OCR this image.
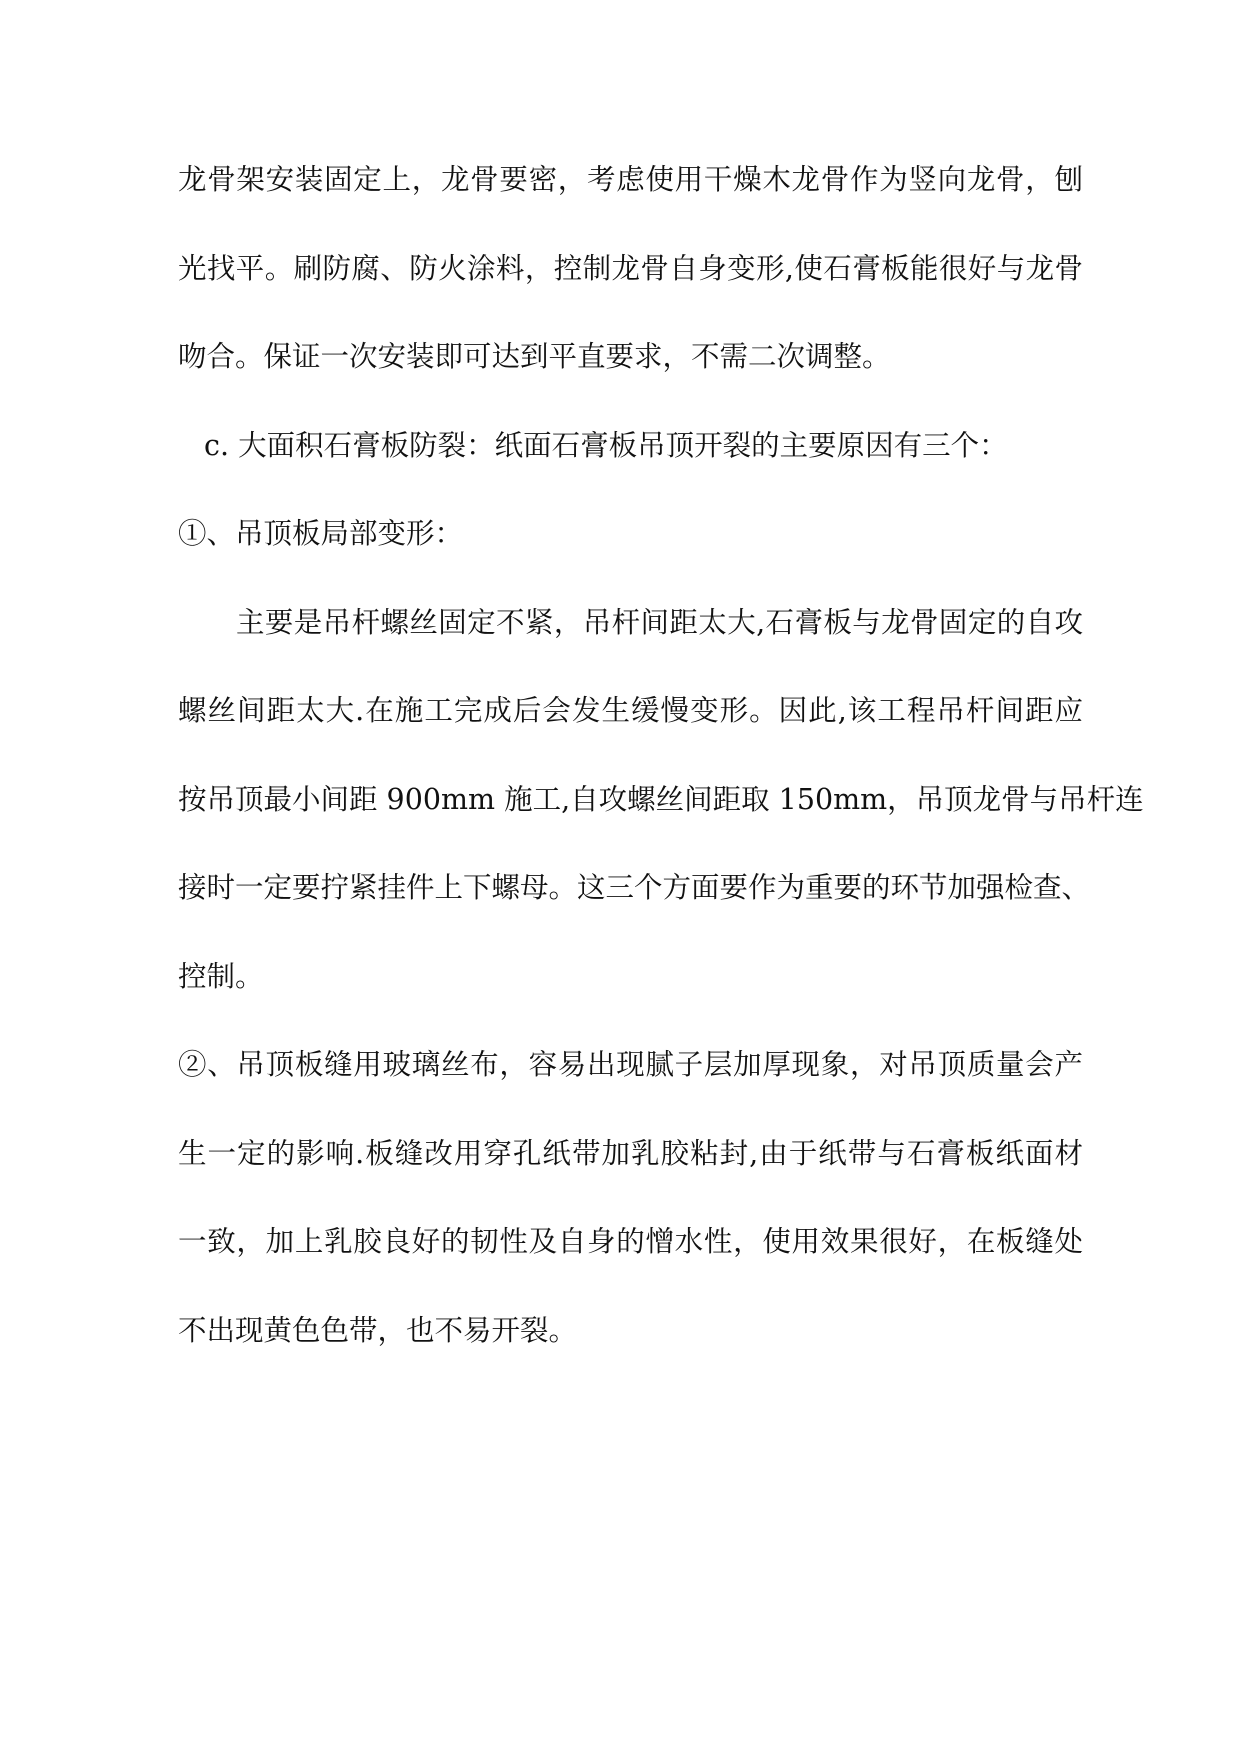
龙骨架安装固定上，龙骨要密，考虑使用干燥木龙骨作为竖向龙骨，刨
光找平。刷防腐、防火涂料，控制龙骨自身变形,使石膏板能很好与龙骨
吻合。保证一次安装即可达到平直要求，不需二次调整。
c. 大面积石膏板防裂：纸面石膏板吊顶开裂的主要原因有三个：
①、吊顶板局部变形：
主要是吊杆螺丝固定不紧，吊杆间距太大,石膏板与龙骨固定的自攻
螺丝间距太大.在施工完成后会发生缓慢变形。因此,该工程吊杆间距应
按吊顶最小间距 900mm 施工,自攻螺丝间距取 150mm，吊顶龙骨与吊杆连
接时一定要拧紧挂件上下螺母。这三个方面要作为重要的环节加强检查、
控制。
②、吊顶板缝用玻璃丝布，容易出现腻子层加厚现象，对吊顶质量会产
生一定的影响.板缝改用穿孔纸带加乳胶粘封,由于纸带与石膏板纸面材
一致，加上乳胶良好的韧性及自身的憎水性，使用效果很好，在板缝处
不出现黄色色带，也不易开裂。
